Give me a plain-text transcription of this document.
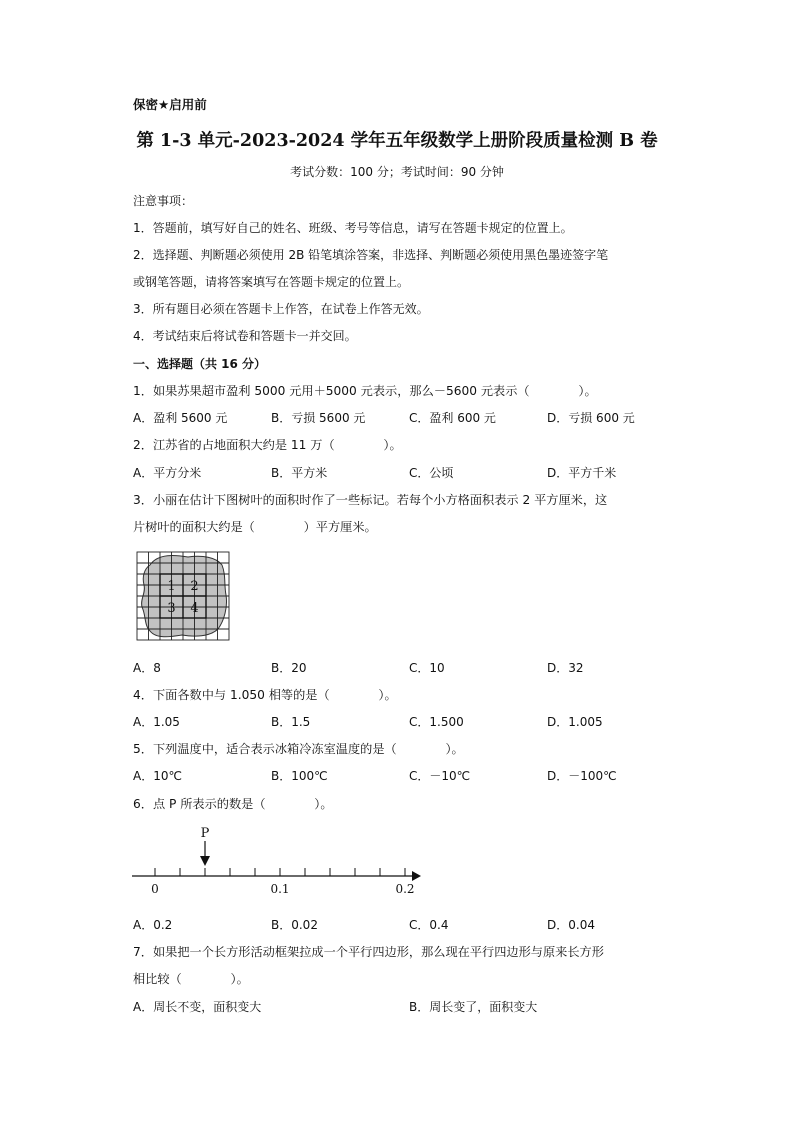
保密★启用前
第 1-3 单元-2023-2024 学年五年级数学上册阶段质量检测 B 卷
考试分数：100 分；考试时间：90 分钟
注意事项：
1．答题前，填写好自己的姓名、班级、考号等信息，请写在答题卡规定的位置上。
2．选择题、判断题必须使用 2B 铅笔填涂答案，非选择、判断题必须使用黑色墨迹签字笔
或钢笔答题，请将答案填写在答题卡规定的位置上。
3．所有题目必须在答题卡上作答，在试卷上作答无效。
4．考试结束后将试卷和答题卡一并交回。
一、选择题（共 16 分）
1．如果苏果超市盈利 5000 元用＋5000 元表示，那么－5600 元表示（　　　　）。
A．盈利 5600 元	B．亏损 5600 元	C．盈利 600 元	D．亏损 600 元
2．江苏省的占地面积大约是 11 万（　　　　）。
A．平方分米	B．平方米	C．公顷	D．平方千米
3．小丽在估计下图树叶的面积时作了一些标记。若每个小方格面积表示 2 平方厘米，这
片树叶的面积大约是（　　　　）平方厘米。
1 2
3 4
A．8	B．20	C．10	D．32
4．下面各数中与 1.050 相等的是（　　　　）。
A．1.05	B．1.5	C．1.500	D．1.005
5．下列温度中，适合表示冰箱冷冻室温度的是（　　　　）。
A．10℃	B．100℃	C．－10℃	D．－100℃
6．点 P 所表示的数是（　　　　）。
P
0	0.1	0.2
A．0.2	B．0.02	C．0.4	D．0.04
7．如果把一个长方形活动框架拉成一个平行四边形，那么现在平行四边形与原来长方形
相比较（　　　　）。
A．周长不变，面积变大	B．周长变了，面积变大
